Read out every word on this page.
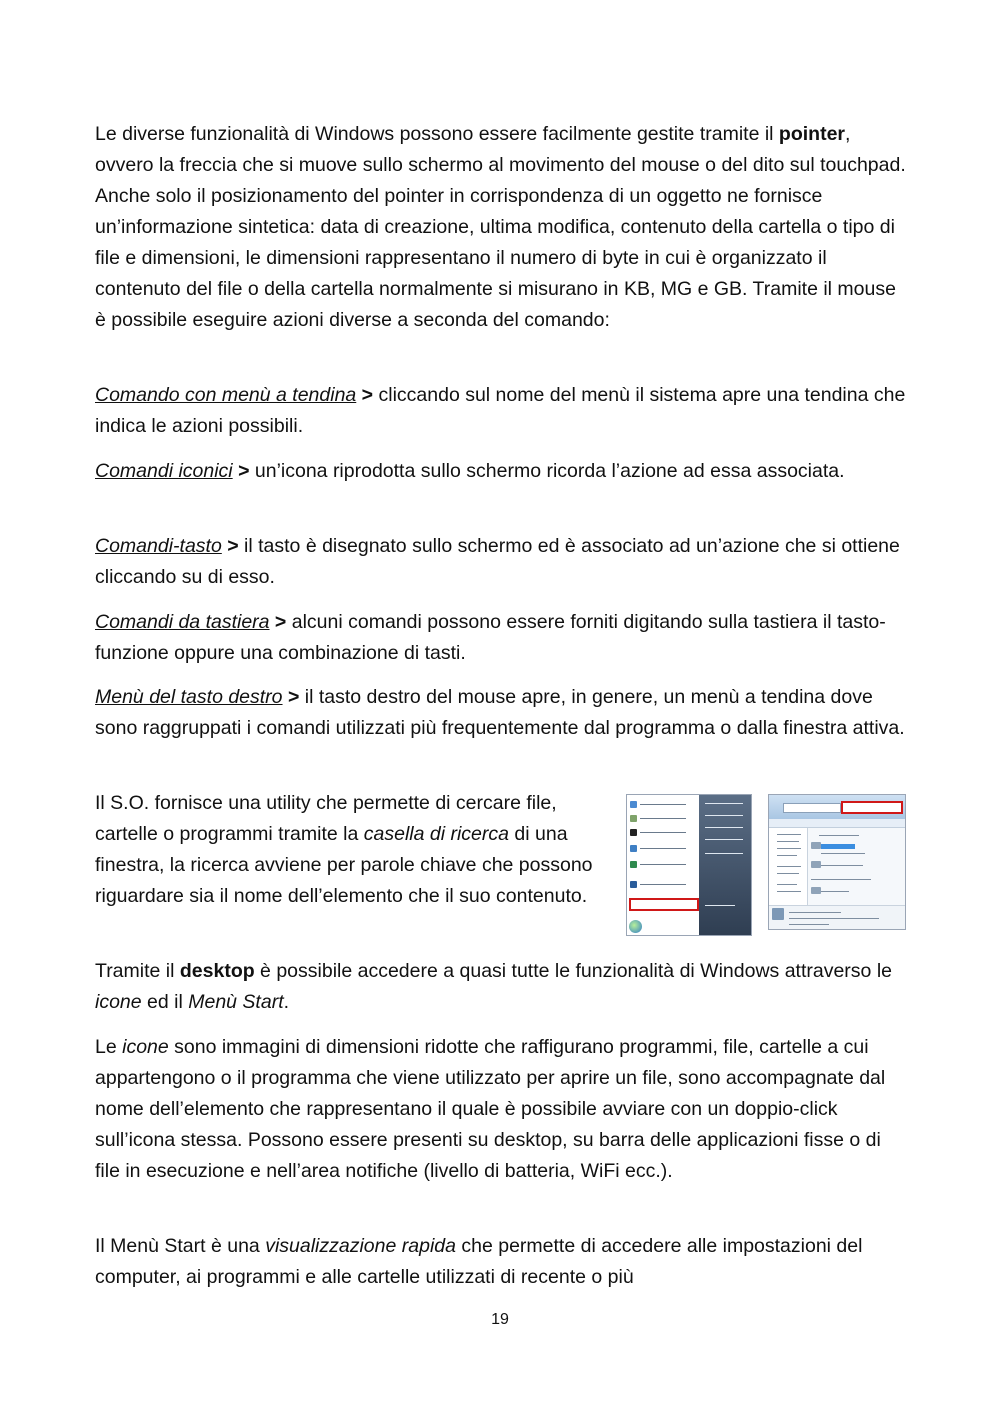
Le diverse funzionalità di Windows possono essere facilmente gestite tramite il pointer, ovvero la freccia che si muove sullo schermo al movimento del mouse o del dito sul touchpad. Anche solo il posizionamento del pointer in corrispondenza di un oggetto ne fornisce un’informazione sintetica: data di creazione, ultima modifica, contenuto della cartella o tipo di file e dimensioni, le dimensioni rappresentano il numero di byte in cui è organizzato il contenuto del file o della cartella normalmente si misurano in KB, MG e GB. Tramite il mouse è possibile eseguire azioni diverse a seconda del comando:

Comando con menù a tendina > cliccando sul nome del menù il sistema apre una tendina che indica le azioni possibili.

Comandi iconici > un’icona riprodotta sullo schermo ricorda l’azione ad essa associata.

Comandi-tasto > il tasto è disegnato sullo schermo ed è associato ad un’azione che si ottiene cliccando su di esso.

Comandi da tastiera > alcuni comandi possono essere forniti digitando sulla tastiera il tasto-funzione oppure una combinazione di tasti.

Menù del tasto destro > il tasto destro del mouse apre, in genere, un menù a tendina dove sono raggruppati i comandi utilizzati più frequentemente dal programma o dalla finestra attiva.

Il S.O. fornisce una utility che permette di cercare file, cartelle o programmi tramite la casella di ricerca di una finestra, la ricerca avviene per parole chiave che possono riguardare sia il nome dell’elemento che il suo contenuto.

Tramite il desktop è possibile accedere a quasi tutte le funzionalità di Windows attraverso le icone ed il Menù Start.

Le icone sono immagini di dimensioni ridotte che raffigurano programmi, file, cartelle a cui appartengono o il programma che viene utilizzato per aprire un file, sono accompagnate dal nome dell’elemento che rappresentano il quale è possibile avviare con un doppio-click sull’icona stessa. Possono essere presenti su desktop, su barra delle applicazioni fisse o di file in esecuzione e nell’area notifiche (livello di batteria, WiFi ecc.).

Il Menù Start è una visualizzazione rapida che permette di accedere alle impostazioni del computer, ai programmi e alle cartelle utilizzati di recente o più

19
